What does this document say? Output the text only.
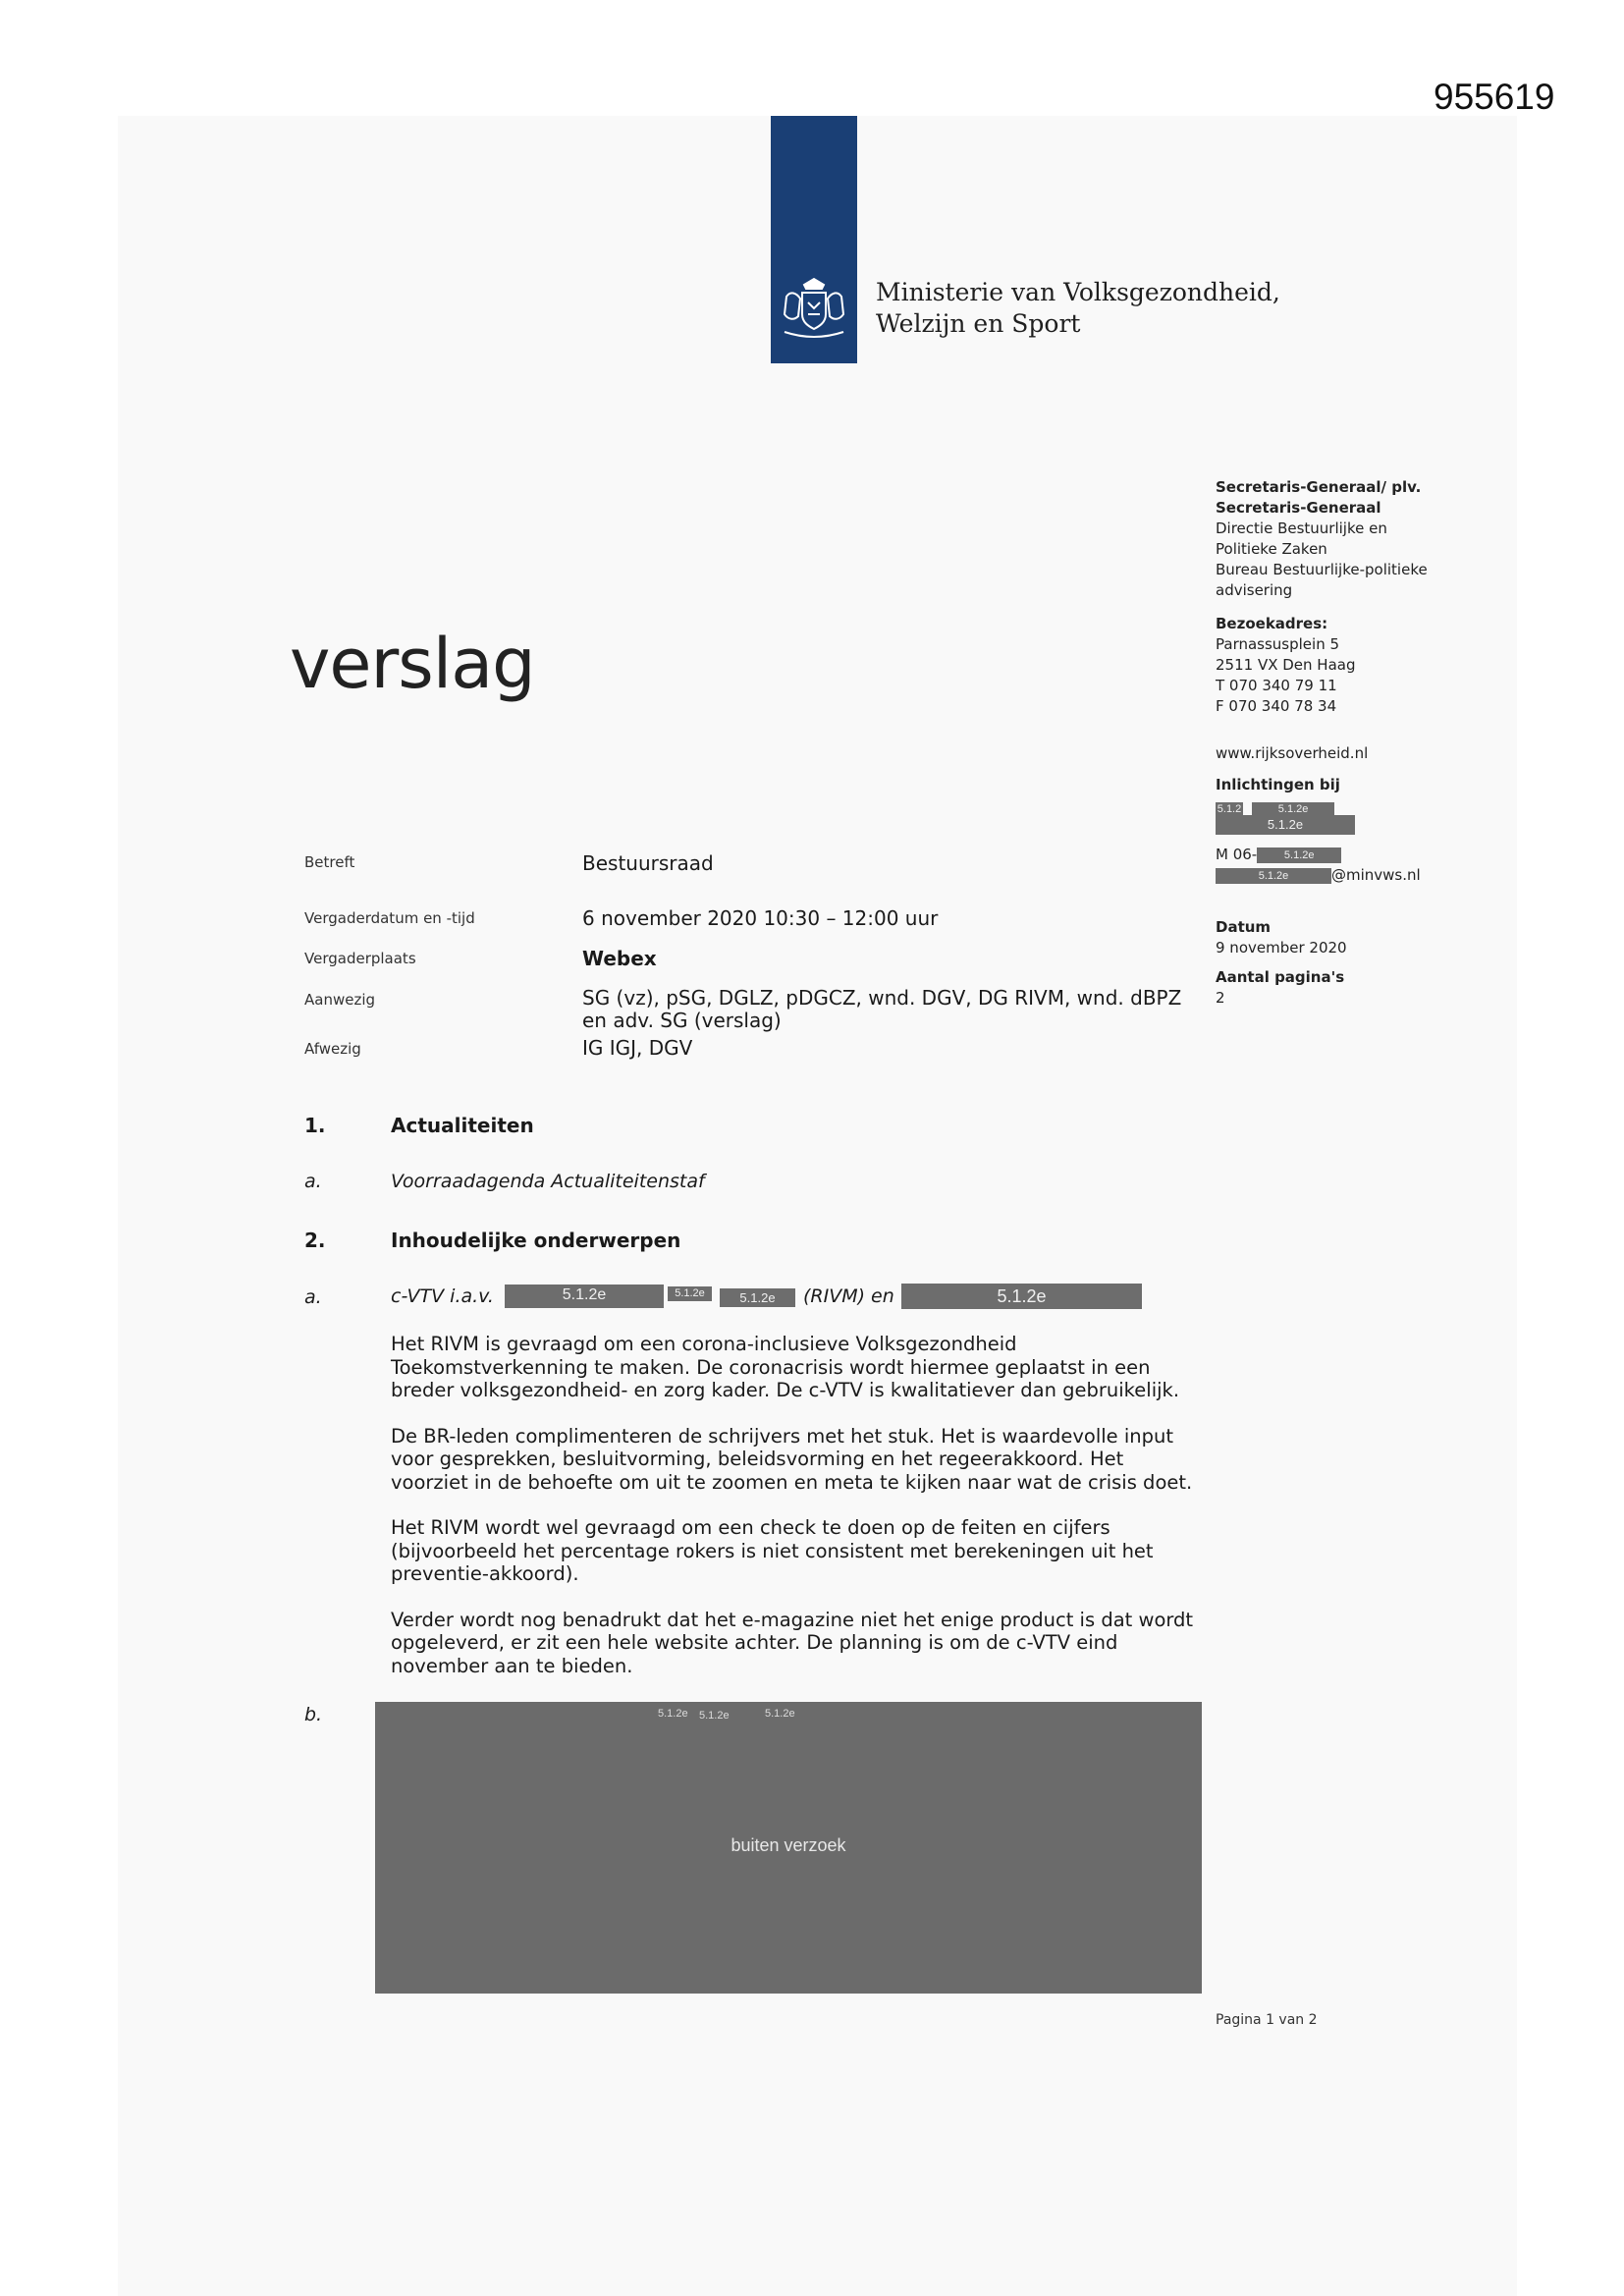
955619
Ministerie van Volksgezondheid,
Welzijn en Sport
verslag
Secretaris-Generaal/ plv.
Secretaris-Generaal
Directie Bestuurlijke en
Politieke Zaken
Bureau Bestuurlijke-politieke
advisering
Bezoekadres:
Parnassusplein 5
2511 VX Den Haag
T 070 340 79 11
F 070 340 78 34
www.rijksoverheid.nl
Inlichtingen bij
5.1.2	5.1.2e
5.1.2e
M 06-	5.1.2e
5.1.2e	@minvws.nl
Datum
9 november 2020
Aantal pagina's
2
Betreft	Bestuursraad
Vergaderdatum en -tijd	6 november 2020 10:30 – 12:00 uur
Vergaderplaats	Webex
Aanwezig	SG (vz), pSG, DGLZ, pDGCZ, wnd. DGV, DG RIVM, wnd. dBPZ
en adv. SG (verslag)
Afwezig	IG IGJ, DGV
1.	Actualiteiten
a.	Voorraadagenda Actualiteitenstaf
2.	Inhoudelijke onderwerpen
a.	c-VTV i.a.v.	5.1.2e	5.1.2e	5.1.2e	(RIVM) en	5.1.2e

Het RIVM is gevraagd om een corona-inclusieve Volksgezondheid Toekomstverkenning te maken. De coronacrisis wordt hiermee geplaatst in een breder volksgezondheid- en zorg kader. De c-VTV is kwalitatiever dan gebruikelijk.

De BR-leden complimenteren de schrijvers met het stuk. Het is waardevolle input voor gesprekken, besluitvorming, beleidsvorming en het regeerakkoord. Het voorziet in de behoefte om uit te zoomen en meta te kijken naar wat de crisis doet.

Het RIVM wordt wel gevraagd om een check te doen op de feiten en cijfers (bijvoorbeeld het percentage rokers is niet consistent met berekeningen uit het preventie-akkoord).

Verder wordt nog benadrukt dat het e-magazine niet het enige product is dat wordt opgeleverd, er zit een hele website achter. De planning is om de c-VTV eind november aan te bieden.

b.	5.1.2e 5.1.2e	5.1.2e
buiten verzoek
Pagina 1 van 2
